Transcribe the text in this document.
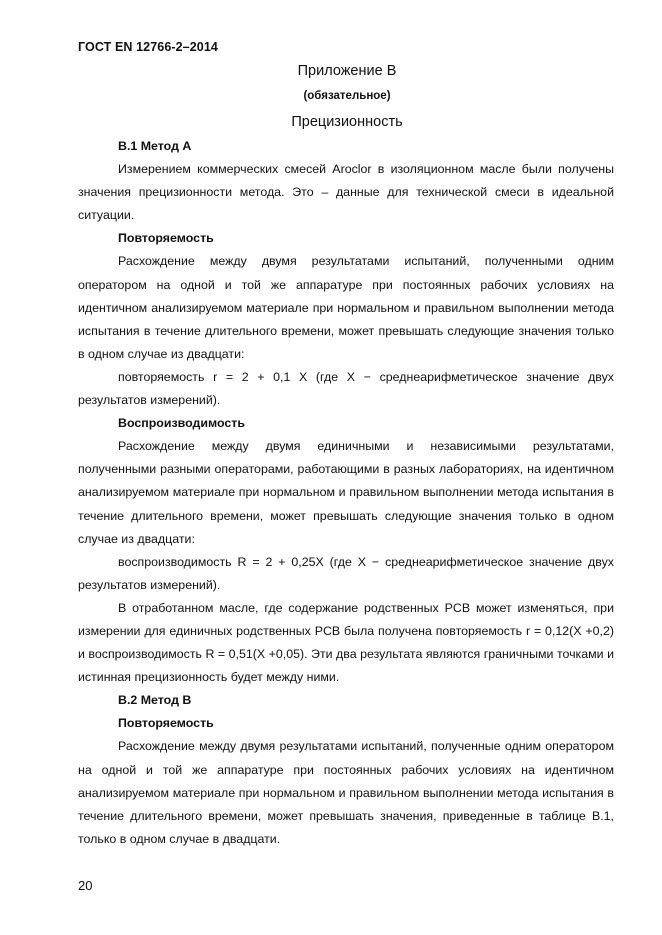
ГОСТ EN 12766-2–2014
Приложение B
(обязательное)
Прецизионность

B.1 Метод A

Измерением коммерческих смесей Aroclor в изоляционном масле были получены значения прецизионности метода. Это – данные для технической смеси в идеальной ситуации.

Повторяемость

Расхождение между двумя результатами испытаний, полученными одним оператором на одной и той же аппаратуре при постоянных рабочих условиях на идентичном анализируемом материале при нормальном и правильном выполнении метода испытания в течение длительного времени, может превышать следующие значения только в одном случае из двадцати:

повторяемость r = 2 + 0,1 X (где X − среднеарифметическое значение двух результатов измерений).

Воспроизводимость

Расхождение между двумя единичными и независимыми результатами, полученными разными операторами, работающими в разных лабораториях, на идентичном анализируемом материале при нормальном и правильном выполнении метода испытания в течение длительного времени, может превышать следующие значения только в одном случае из двадцати:

воспроизводимость R = 2 + 0,25X (где X − среднеарифметическое значение двух результатов измерений).

В отработанном масле, где содержание родственных PCB может изменяться, при измерении для единичных родственных PCB была получена повторяемость r = 0,12(X +0,2) и воспроизводимость R = 0,51(X +0,05). Эти два результата являются граничными точками и истинная прецизионность будет между ними.

B.2 Метод B

Повторяемость

Расхождение между двумя результатами испытаний, полученные одним оператором на одной и той же аппаратуре при постоянных рабочих условиях на идентичном анализируемом материале при нормальном и правильном выполнении метода испытания в течение длительного времени, может превышать значения, приведенные в таблице B.1, только в одном случае в двадцати.

20
